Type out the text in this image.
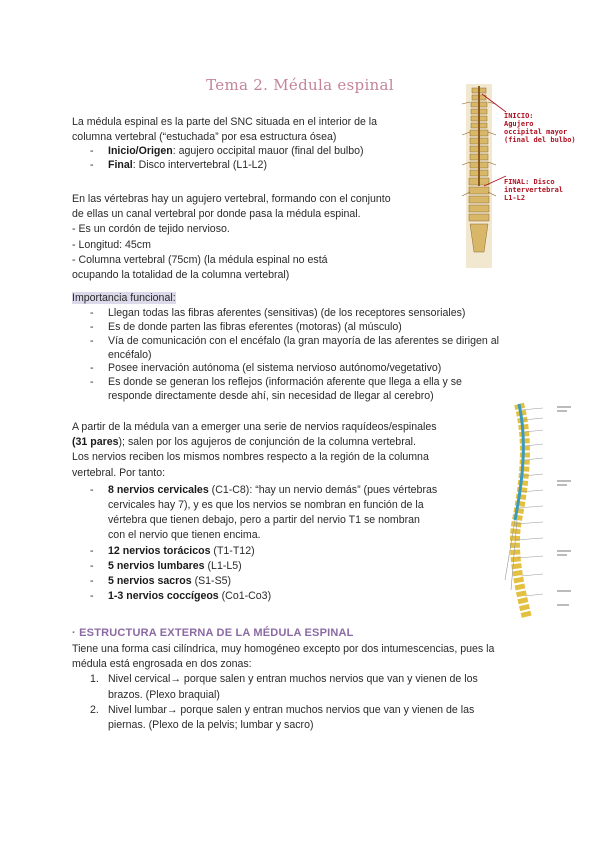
Tema 2. Médula espinal
La médula espinal es la parte del SNC situada en el interior de la
columna vertebral (“estuchada” por esa estructura ósea)
- Inicio/Origen: agujero occipital mauor (final del bulbo)
- Final: Disco intervertebral (L1-L2)
En las vértebras hay un agujero vertebral, formando con el conjunto
de ellas un canal vertebral por donde pasa la médula espinal.
- Es un cordón de tejido nervioso.
- Longitud: 45cm
- Columna vertebral (75cm) (la médula espinal no está
ocupando la totalidad de la columna vertebral)
Importancia funcional:
- Llegan todas las fibras aferentes (sensitivas) (de los receptores sensoriales)
- Es de donde parten las fibras eferentes (motoras) (al músculo)
- Vía de comunicación con el encéfalo (la gran mayoría de las aferentes se dirigen al
encéfalo)
- Posee inervación autónoma (el sistema nervioso autónomo/vegetativo)
- Es donde se generan los reflejos (información aferente que llega a ella y se
responde directamente desde ahí, sin necesidad de llegar al cerebro)
A partir de la médula van a emerger una serie de nervios raquídeos/espinales
(31 pares); salen por los agujeros de conjunción de la columna vertebral.
Los nervios reciben los mismos nombres respecto a la región de la columna
vertebral. Por tanto:
- 8 nervios cervicales (C1-C8): “hay un nervio demás” (pues vértebras
cervicales hay 7), y es que los nervios se nombran en función de la
vértebra que tienen debajo, pero a partir del nervio T1 se nombran
con el nervio que tienen encima.
- 12 nervios torácicos (T1-T12)
- 5 nervios lumbares (L1-L5)
- 5 nervios sacros (S1-S5)
- 1-3 nervios coccígeos (Co1-Co3)
· ESTRUCTURA EXTERNA DE LA MÉDULA ESPINAL
Tiene una forma casi cilíndrica, muy homogéneo excepto por dos intumescencias, pues la
médula está engrosada en dos zonas:
1. Nivel cervical→ porque salen y entran muchos nervios que van y vienen de los
brazos. (Plexo braquial)
2. Nivel lumbar→ porque salen y entran muchos nervios que van y vienen de las
piernas. (Plexo de la pelvis; lumbar y sacro)
INICIO:
Agujero
occipital mayor
(final del bulbo)
FINAL: Disco
intervertebral
L1-L2
